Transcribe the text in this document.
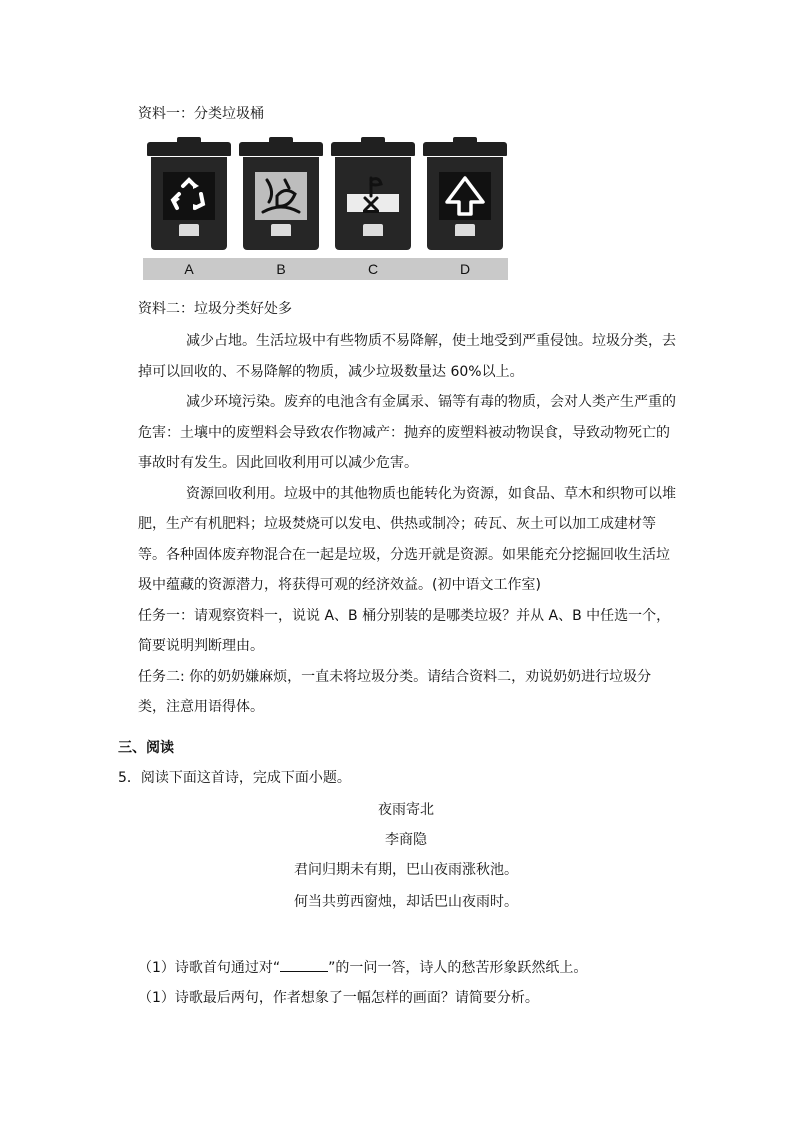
资料一：分类垃圾桶
A	B	C	D
资料二：垃圾分类好处多

减少占地。生活垃圾中有些物质不易降解，使土地受到严重侵蚀。垃圾分类，去掉可以回收的、不易降解的物质，减少垃圾数量达 60%以上。

减少环境污染。废弃的电池含有金属汞、镉等有毒的物质，会对人类产生严重的危害：土壤中的废塑料会导致农作物减产：抛弃的废塑料被动物误食，导致动物死亡的事故时有发生。因此回收利用可以减少危害。

资源回收利用。垃圾中的其他物质也能转化为资源，如食品、草木和织物可以堆肥，生产有机肥料；垃圾焚烧可以发电、供热或制冷；砖瓦、灰土可以加工成建材等等。各种固体废弃物混合在一起是垃圾，分选开就是资源。如果能充分挖掘回收生活垃圾中蕴藏的资源潜力，将获得可观的经济效益。(初中语文工作室)

任务一：请观察资料一，说说 A、B 桶分别装的是哪类垃圾？并从 A、B 中任选一个，简要说明判断理由。

任务二: 你的奶奶嫌麻烦，一直未将垃圾分类。请结合资料二，劝说奶奶进行垃圾分类，注意用语得体。

三、阅读
5．阅读下面这首诗，完成下面小题。
夜雨寄北
李商隐
君问归期未有期，巴山夜雨涨秋池。
何当共剪西窗烛，却话巴山夜雨时。
（1）诗歌首句通过对“	”的一问一答，诗人的愁苦形象跃然纸上。
（1）诗歌最后两句，作者想象了一幅怎样的画面？请简要分析。
